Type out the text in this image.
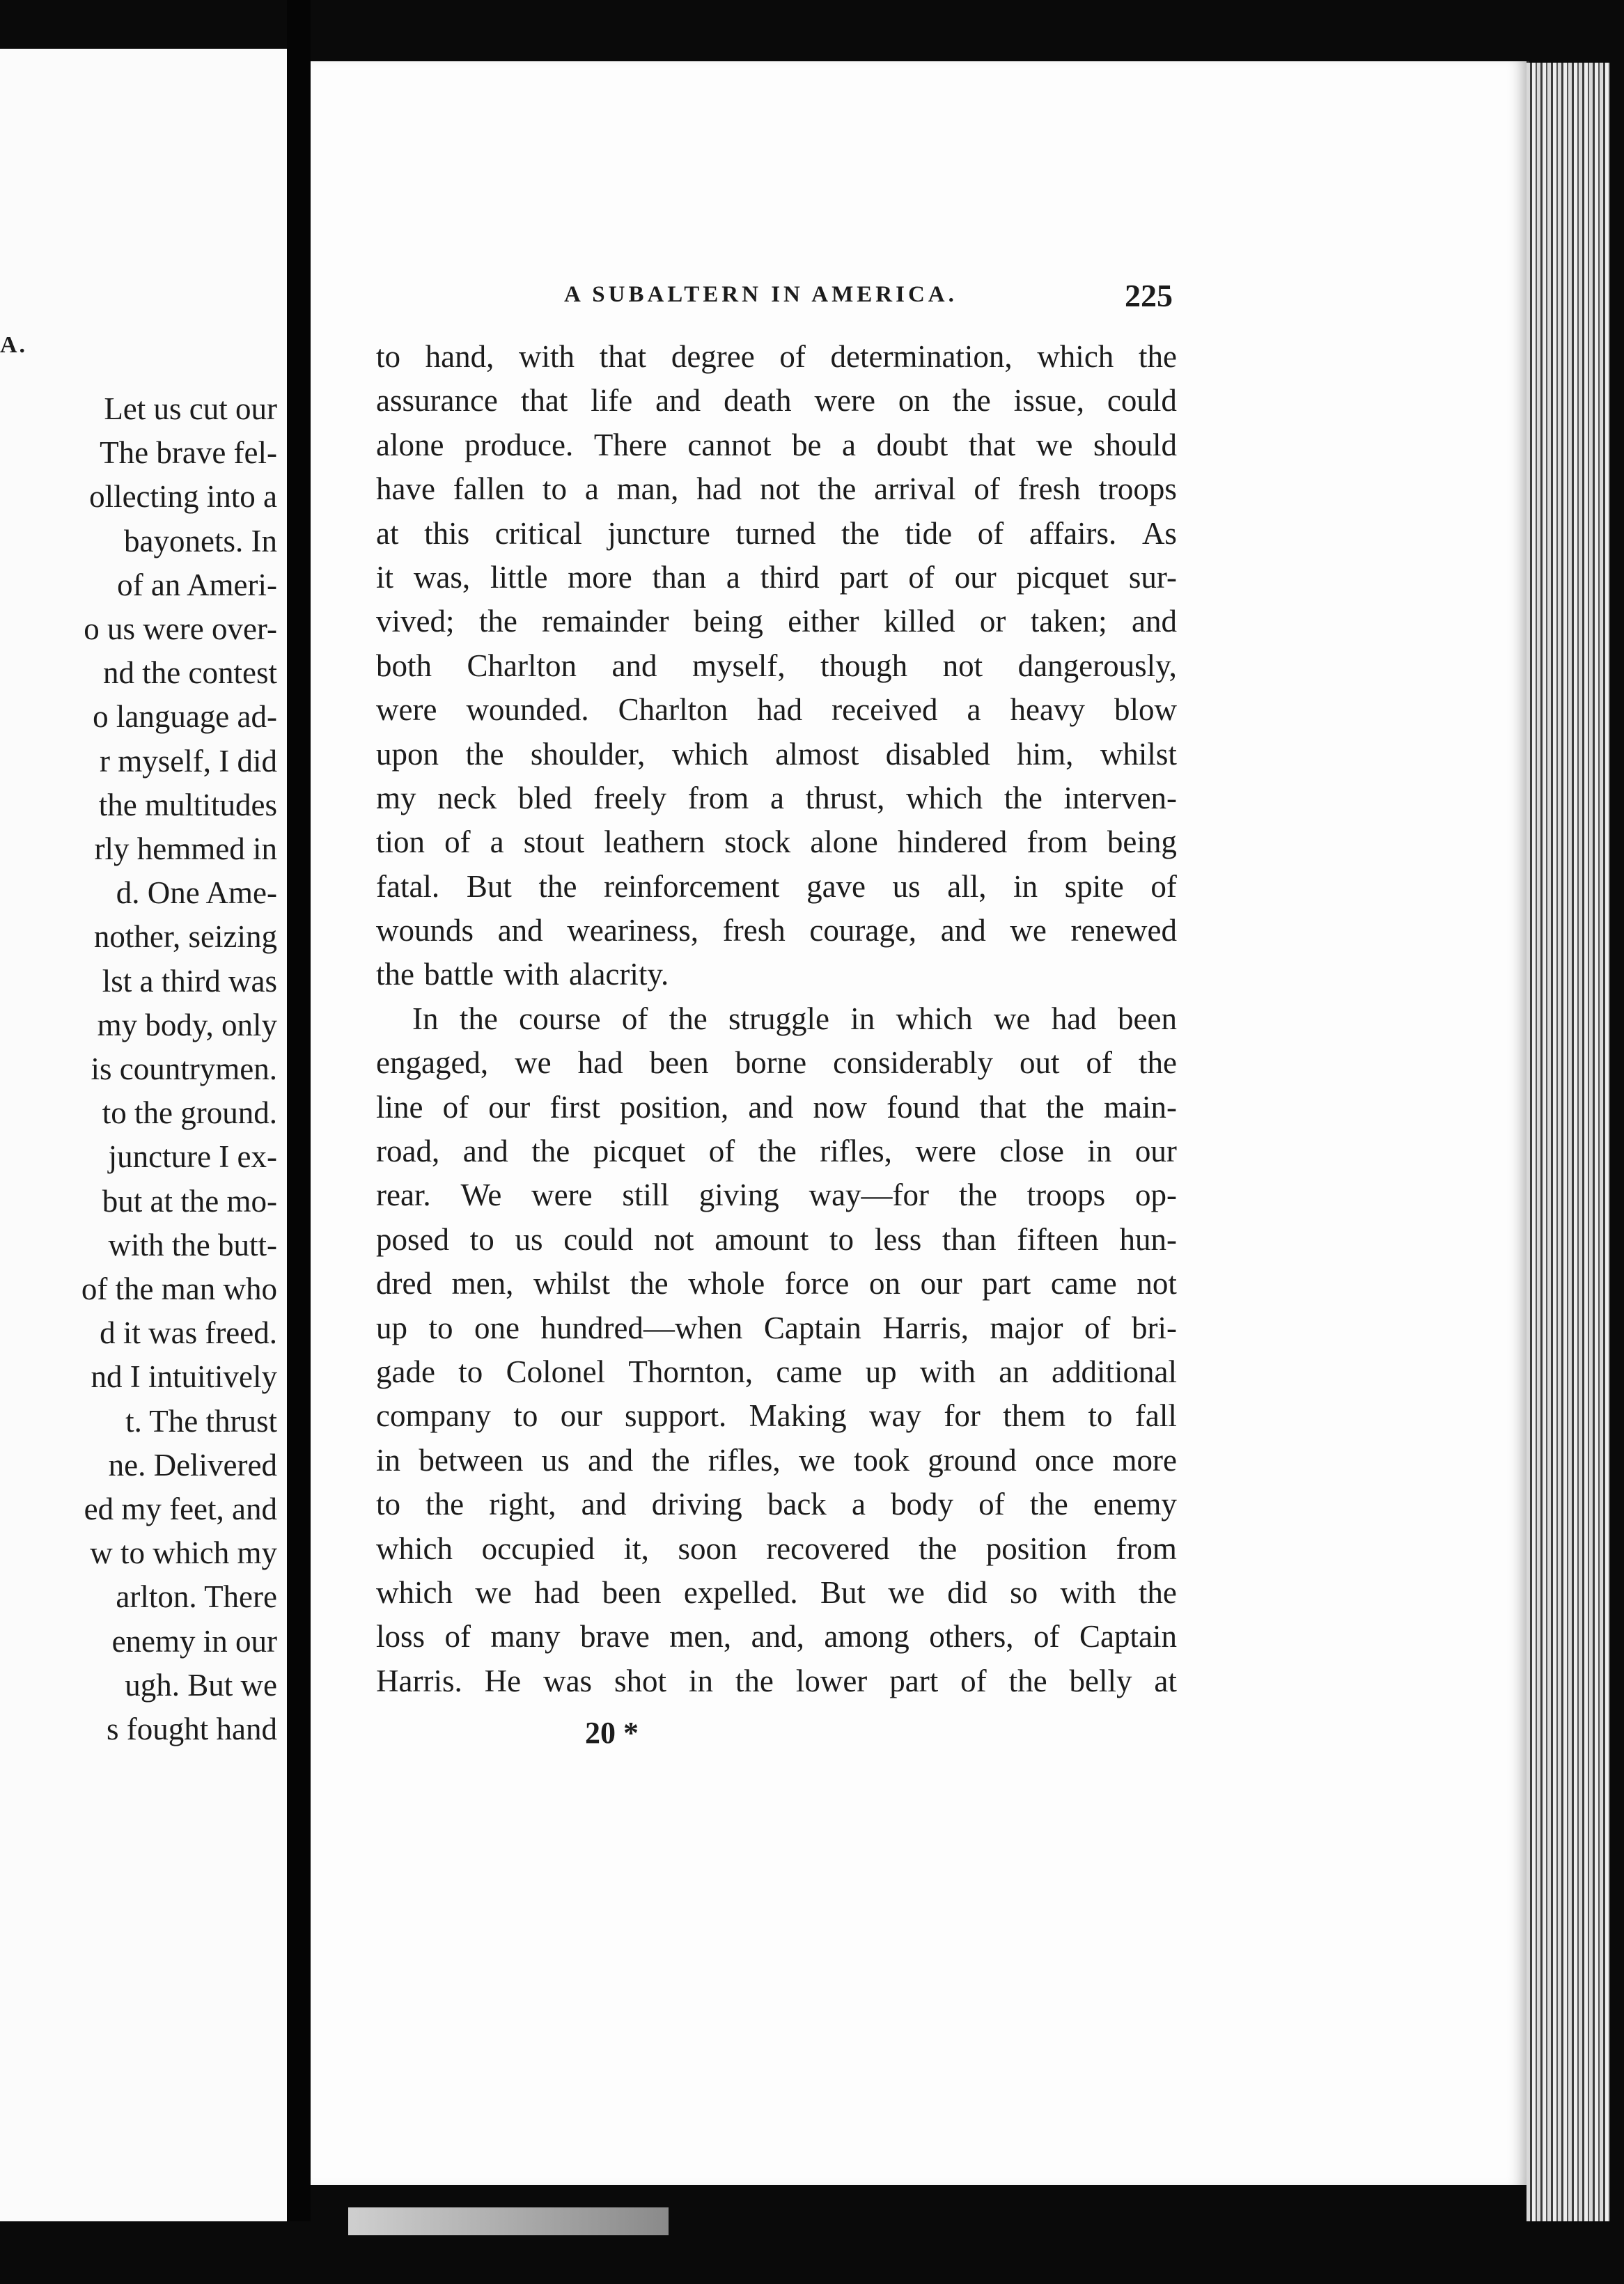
A.
Let us cut our
The brave fel-
ollecting into a
bayonets. In
of an Ameri-
o us were over-
nd the contest
o language ad-
r myself, I did
the multitudes
rly hemmed in
d. One Ame-
nother, seizing
lst a third was
my body, only
is countrymen.
to the ground.
juncture I ex-
but at the mo-
with the butt-
of the man who
d it was freed.
nd I intuitively
t. The thrust
ne. Delivered
ed my feet, and
w to which my
arlton. There
enemy in our
ugh. But we
s fought hand
A SUBALTERN IN AMERICA.	225
to hand, with that degree of determination, which the
assurance that life and death were on the issue, could
alone produce. There cannot be a doubt that we should
have fallen to a man, had not the arrival of fresh troops
at this critical juncture turned the tide of affairs. As
it was, little more than a third part of our picquet sur-
vived; the remainder being either killed or taken; and
both Charlton and myself, though not dangerously,
were wounded. Charlton had received a heavy blow
upon the shoulder, which almost disabled him, whilst
my neck bled freely from a thrust, which the interven-
tion of a stout leathern stock alone hindered from being
fatal. But the reinforcement gave us all, in spite of
wounds and weariness, fresh courage, and we renewed
the battle with alacrity.
In the course of the struggle in which we had been
engaged, we had been borne considerably out of the
line of our first position, and now found that the main-
road, and the picquet of the rifles, were close in our
rear. We were still giving way—for the troops op-
posed to us could not amount to less than fifteen hun-
dred men, whilst the whole force on our part came not
up to one hundred—when Captain Harris, major of bri-
gade to Colonel Thornton, came up with an additional
company to our support. Making way for them to fall
in between us and the rifles, we took ground once more
to the right, and driving back a body of the enemy
which occupied it, soon recovered the position from
which we had been expelled. But we did so with the
loss of many brave men, and, among others, of Captain
Harris. He was shot in the lower part of the belly at
20 *
